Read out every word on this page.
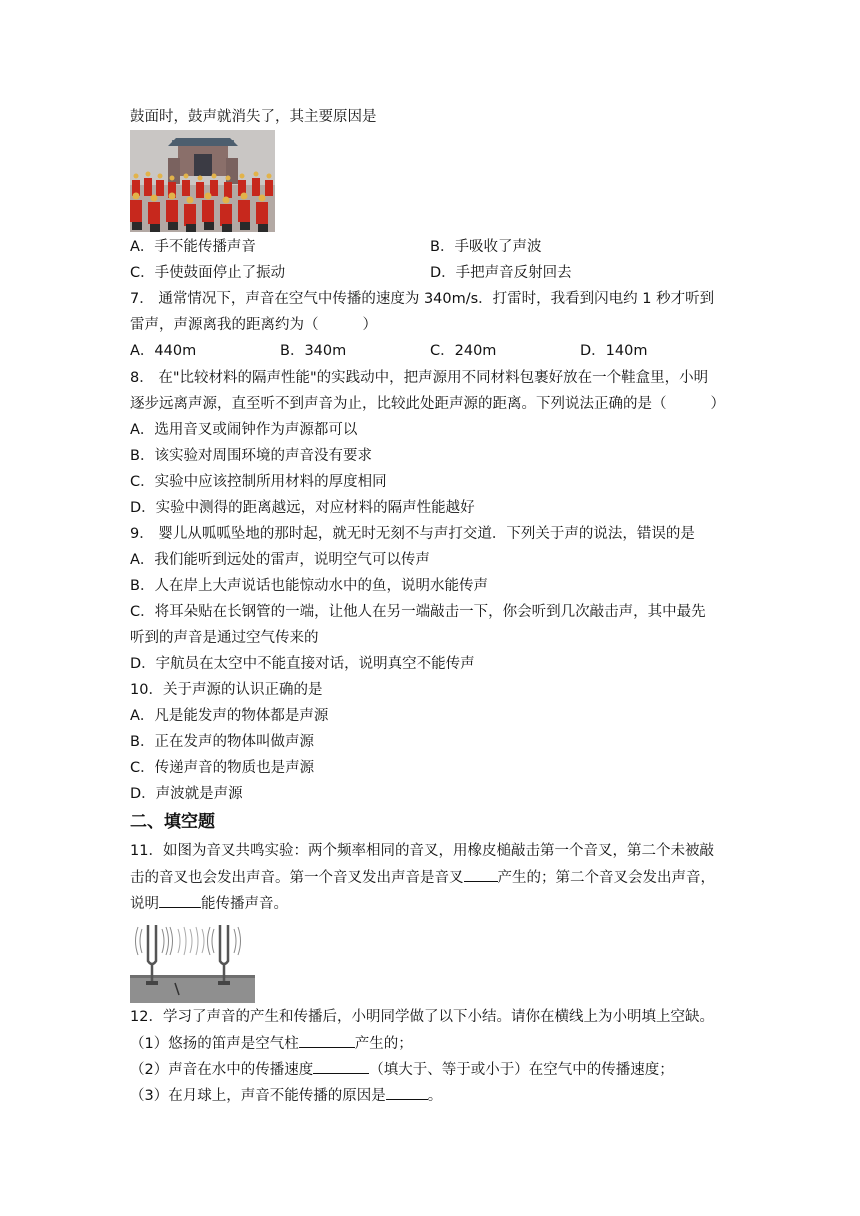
鼓面时，鼓声就消失了，其主要原因是
A．手不能传播声音	B．手吸收了声波
C．手使鼓面停止了振动	D．手把声音反射回去
7． 通常情况下，声音在空气中传播的速度为 340m/s．打雷时，我看到闪电约 1 秒才听到
雷声，声源离我的距离约为（	）
A．440m	B．340m	C．240m	D．140m
8． 在"比较材料的隔声性能"的实践动中，把声源用不同材料包裹好放在一个鞋盒里，小明
逐步远离声源，直至听不到声音为止，比较此处距声源的距离。下列说法正确的是（	）
A．选用音叉或闹钟作为声源都可以
B．该实验对周围环境的声音没有要求
C．实验中应该控制所用材料的厚度相同
D．实验中测得的距离越远，对应材料的隔声性能越好
9． 婴儿从呱呱坠地的那时起，就无时无刻不与声打交道．下列关于声的说法，错误的是
A．我们能听到远处的雷声，说明空气可以传声
B．人在岸上大声说话也能惊动水中的鱼，说明水能传声
C．将耳朵贴在长钢管的一端，让他人在另一端敲击一下，你会听到几次敲击声，其中最先
听到的声音是通过空气传来的
D．宇航员在太空中不能直接对话，说明真空不能传声
10．关于声源的认识正确的是
A．凡是能发声的物体都是声源
B．正在发声的物体叫做声源
C．传递声音的物质也是声源
D．声波就是声源
二、填空题
11．如图为音叉共鸣实验：两个频率相同的音叉，用橡皮槌敲击第一个音叉，第二个未被敲
击的音叉也会发出声音。第一个音叉发出声音是音叉 产生的；第二个音叉会发出声音，
说明	能传播声音。
12．学习了声音的产生和传播后，小明同学做了以下小结。请你在横线上为小明填上空缺。
（1）悠扬的笛声是空气柱	产生的；
（2）声音在水中的传播速度	（填大于、等于或小于）在空气中的传播速度；
（3）在月球上，声音不能传播的原因是	。
